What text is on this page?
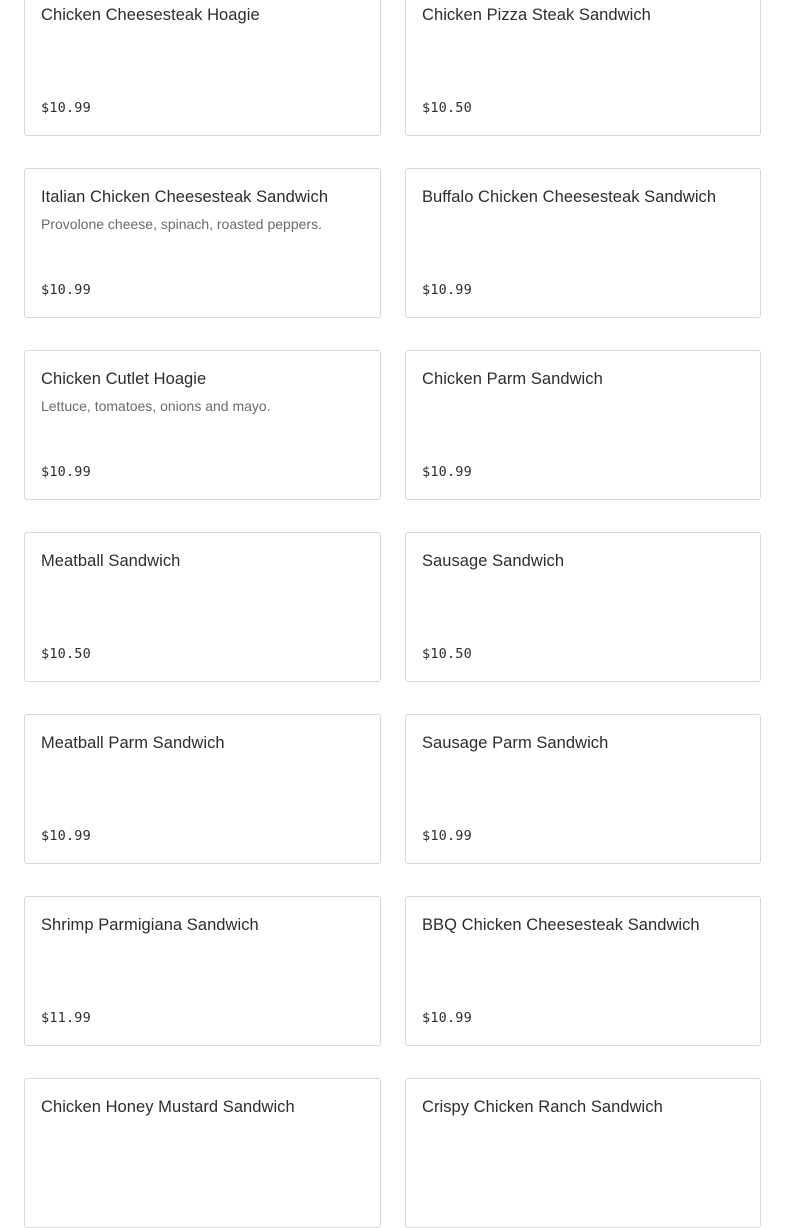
Chicken Cheesesteak Hoagie
$10.99
Chicken Pizza Steak Sandwich
$10.50
Italian Chicken Cheesesteak Sandwich
Provolone cheese, spinach, roasted peppers.
$10.99
Buffalo Chicken Cheesesteak Sandwich
$10.99
Chicken Cutlet Hoagie
Lettuce, tomatoes, onions and mayo.
$10.99
Chicken Parm Sandwich
$10.99
Meatball Sandwich
$10.50
Sausage Sandwich
$10.50
Meatball Parm Sandwich
$10.99
Sausage Parm Sandwich
$10.99
Shrimp Parmigiana Sandwich
$11.99
BBQ Chicken Cheesesteak Sandwich
$10.99
Chicken Honey Mustard Sandwich	Crispy Chicken Ranch Sandwich
